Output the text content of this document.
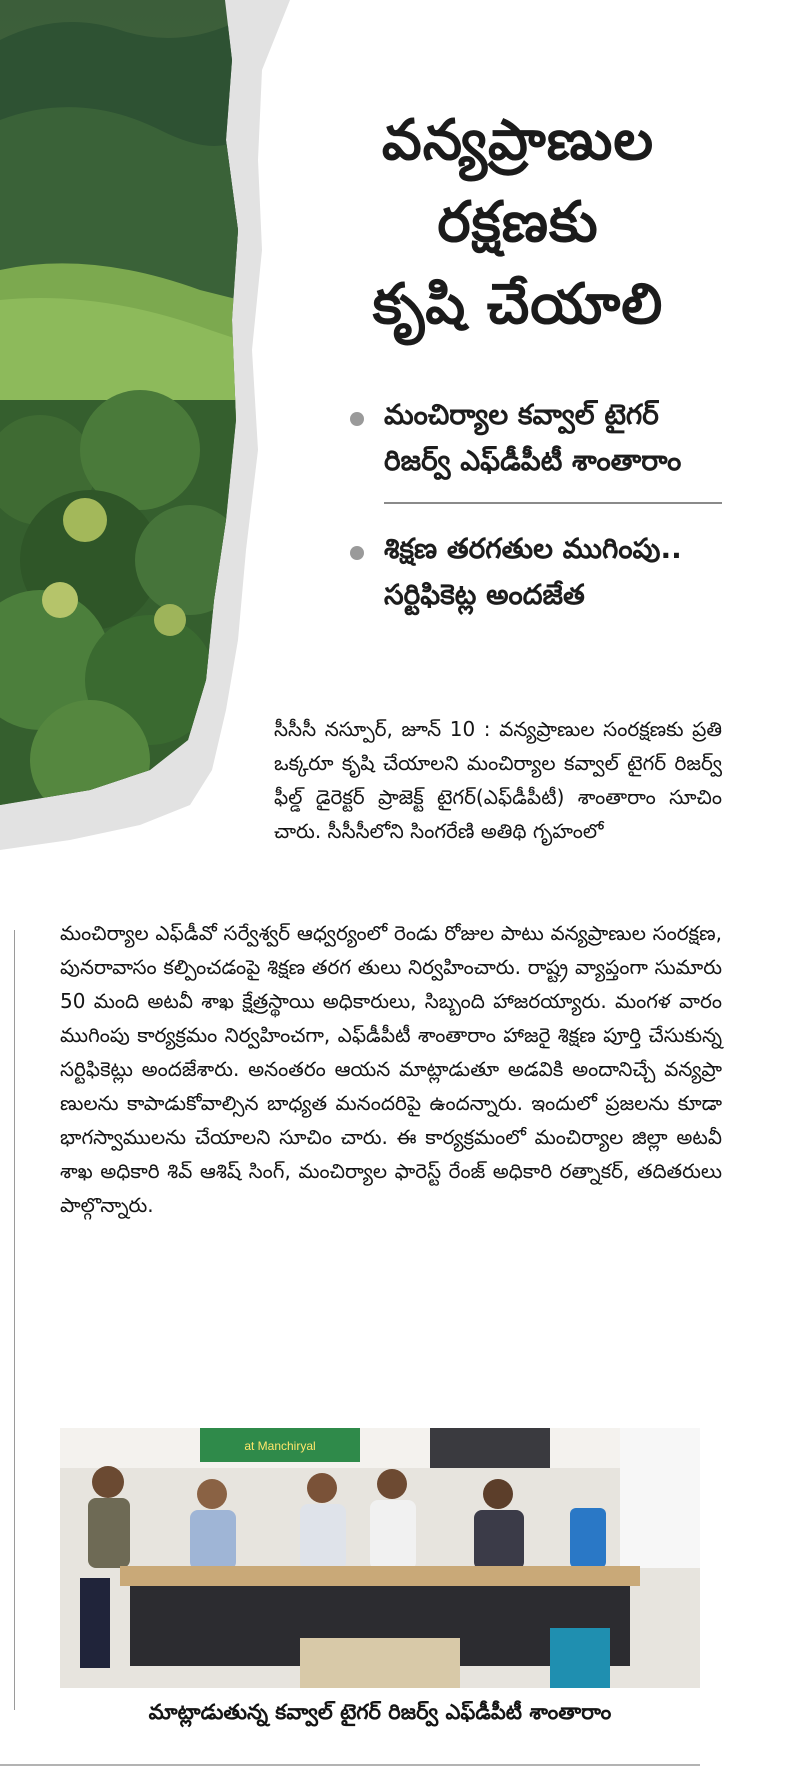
వన్యప్రాణుల
రక్షణకు
కృషి చేయాలి
మంచిర్యాల కవ్వాల్ టైగర్ రిజర్వ్ ఎఫ్‌డీపీటీ శాంతారాం
శిక్షణ తరగతుల ముగింపు.. సర్టిఫికెట్ల అందజేత

సీసీసీ నస్పూర్, జూన్ 10 : వన్యప్రాణుల సంరక్షణకు ప్రతి ఒక్కరూ కృషి చేయాలని మంచిర్యాల కవ్వాల్ టైగర్ రిజర్వ్ ఫీల్డ్ డైరెక్టర్ ప్రాజెక్ట్ టైగర్(ఎఫ్‌డీపీటీ) శాంతారాం సూచిం చారు. సీసీసీలోని సింగరేణి అతిథి గృహంలో

మంచిర్యాల ఎఫ్‌డీవో సర్వేశ్వర్ ఆధ్వర్యంలో రెండు రోజుల పాటు వన్యప్రాణుల సంరక్షణ, పునరావాసం కల్పించడంపై శిక్షణ తరగ తులు నిర్వహించారు. రాష్ట్ర వ్యాప్తంగా సుమారు 50 మంది అటవీ శాఖ క్షేత్రస్థాయి అధికారులు, సిబ్బంది హాజరయ్యారు. మంగళ వారం ముగింపు కార్యక్రమం నిర్వహించగా, ఎఫ్‌డీపీటీ శాంతారాం హాజరై శిక్షణ పూర్తి చేసుకున్న సర్టిఫికెట్లు అందజేశారు. అనంతరం ఆయన మాట్లాడుతూ అడవికి అందానిచ్చే వన్యప్రా ణులను కాపాడుకోవాల్సిన బాధ్యత మనందరిపై ఉందన్నారు. ఇందులో ప్రజలను కూడా భాగస్వాములను చేయాలని సూచిం చారు. ఈ కార్యక్రమంలో మంచిర్యాల జిల్లా అటవీ శాఖ అధికారి శివ్ ఆశిష్ సింగ్, మంచిర్యాల ఫారెస్ట్ రేంజ్ అధికారి రత్నాకర్, తదితరులు పాల్గొన్నారు.

at Manchiryal

మాట్లాడుతున్న కవ్వాల్ టైగర్ రిజర్వ్ ఎఫ్‌డీపీటీ శాంతారాం
